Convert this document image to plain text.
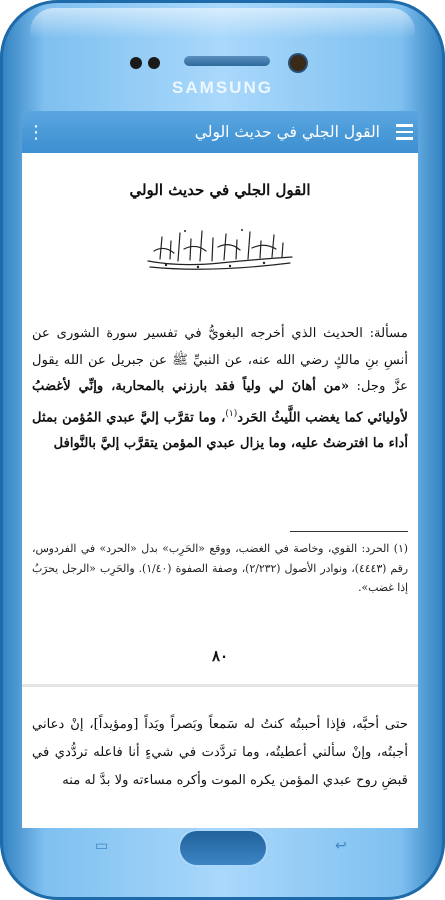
SAMSUNG
⋮	القول الجلي في حديث الولي
القول الجلي في حديث الولي
مسألة: الحديث الذي أخرجه البغويُّ في تفسير سورة الشورى عن أنسِ بنِ مالكٍ رضي الله عنه، عن النبيِّ ﷺ عن جبريل عن الله يقول عزَّ وجل: «من أهانَ لي ولياً فقد بارزني بالمحاربة، وإنِّي لأغضبُ لأوليائي كما يغضب اللَّيثُ الحَرد$^{(١)}$، وما تقرَّب إليَّ عبدي المُؤمن بمثل أداء ما افترضتُ عليه، وما يزال عبدي المؤمن يتقرَّب إليَّ بالنَّوافل
(١) الحرد: القوي، وخاصة في الغضب، ووقع «الحَرِب» بدل «الحرد» في الفردوس، رقم (٤٤٤٣)، ونوادر الأصول (٢/٢٣٢)، وصفة الصفوة (١/٤٠). والحَرِب «الرجل يحرَبُ إذا غضب».
٨٠
حتى أحبَّه، فإذا أحببتُه كنتُ له سَمعاً وبَصراً ويَداً [ومؤيداً]، إنْ دعاني أجبتُه، وإنْ سألني أعطيتُه، وما تردَّدت في شيءٍ أنا فاعله تردُّدي في قبضِ روح عبدي المؤمن يكره الموت وأكره مساءته ولا بدَّ له منه
▭	↩
